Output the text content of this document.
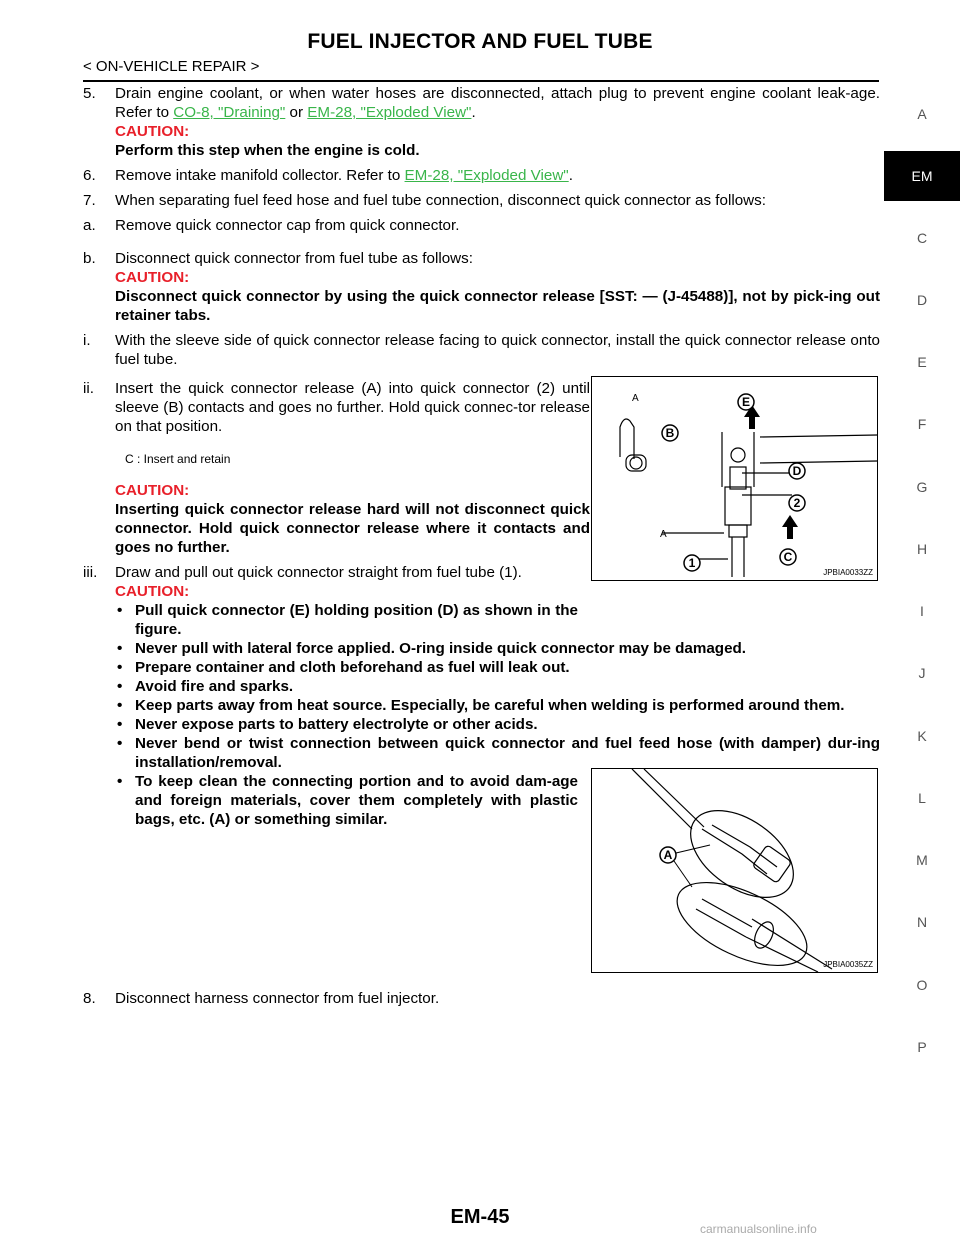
FUEL INJECTOR AND FUEL TUBE
< ON-VEHICLE REPAIR >
5. Drain engine coolant, or when water hoses are disconnected, attach plug to prevent engine coolant leak-age. Refer to CO-8, "Draining" or EM-28, "Exploded View".
CAUTION:
Perform this step when the engine is cold.
6. Remove intake manifold collector. Refer to EM-28, "Exploded View".
7. When separating fuel feed hose and fuel tube connection, disconnect quick connector as follows:
a. Remove quick connector cap from quick connector.
b. Disconnect quick connector from fuel tube as follows:
CAUTION:
Disconnect quick connector by using the quick connector release [SST: — (J-45488)], not by pick-ing out retainer tabs.
i. With the sleeve side of quick connector release facing to quick connector, install the quick connector release onto fuel tube.
ii. Insert the quick connector release (A) into quick connector (2) until sleeve (B) contacts and goes no further. Hold quick connec-tor release on that position.
C : Insert and retain
CAUTION:
Inserting quick connector release hard will not disconnect quick connector. Hold quick connector release where it contacts and goes no further.
iii. Draw and pull out quick connector straight from fuel tube (1).
CAUTION:
• Pull quick connector (E) holding position (D) as shown in the figure.
• Never pull with lateral force applied. O-ring inside quick connector may be damaged.
• Prepare container and cloth beforehand as fuel will leak out.
• Avoid fire and sparks.
• Keep parts away from heat source. Especially, be careful when welding is performed around them.
• Never expose parts to battery electrolyte or other acids.
• Never bend or twist connection between quick connector and fuel feed hose (with damper) dur-ing installation/removal.
• To keep clean the connecting portion and to avoid dam-age and foreign materials, cover them completely with plastic bags, etc. (A) or something similar.
8. Disconnect harness connector from fuel injector.
E
B
D
2
C
1
A
A
JPBIA0033ZZ
A
JPBIA0035ZZ
A
EM
C
D
E
F
G
H
I
J
K
L
M
N
O
P
EM-45
carmanualsonline.info
